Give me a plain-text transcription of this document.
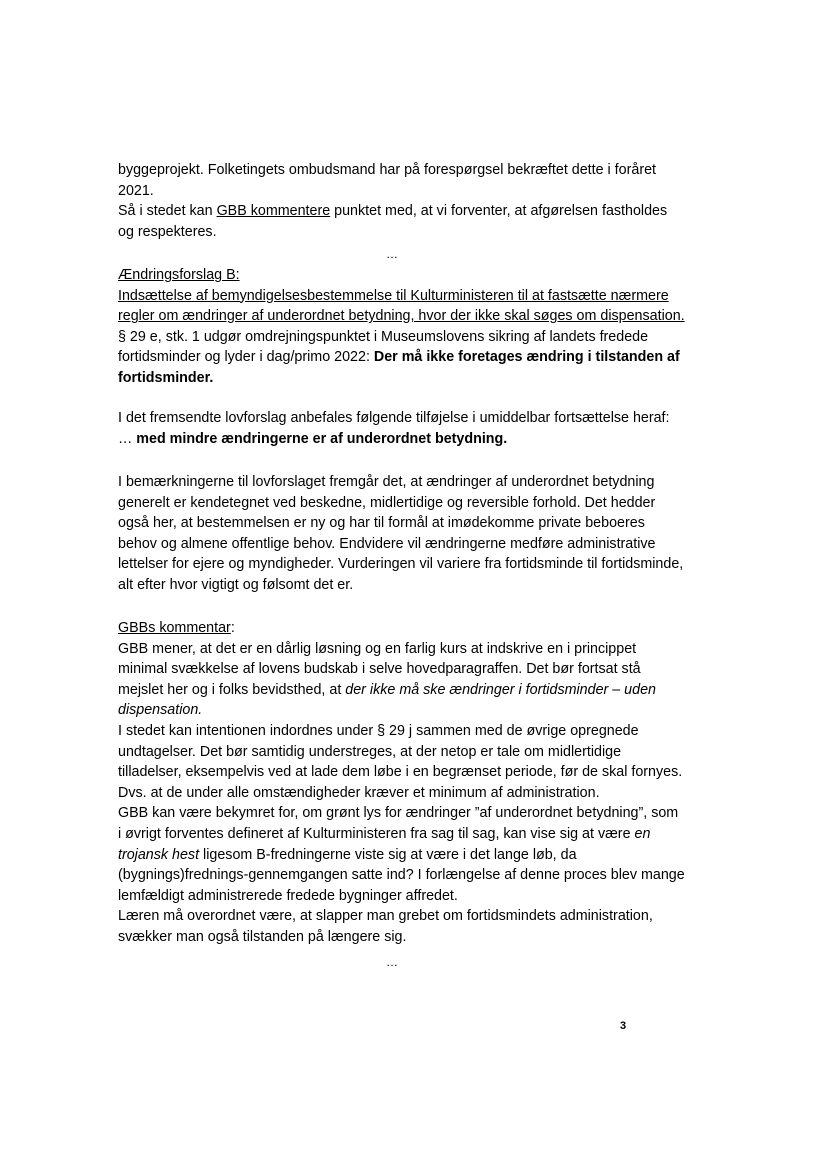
byggeprojekt. Folketingets ombudsmand har på forespørgsel bekræftet dette i foråret
2021.
Så i stedet kan GBB kommentere punktet med, at vi forventer, at afgørelsen fastholdes
og respekteres.
…
Ændringsforslag B:
Indsættelse af bemyndigelsesbestemmelse til Kulturministeren til at fastsætte nærmere
regler om ændringer af underordnet betydning, hvor der ikke skal søges om dispensation.
§ 29 e, stk. 1 udgør omdrejningspunktet i Museumslovens sikring af landets fredede
fortidsminder og lyder i dag/primo 2022: Der må ikke foretages ændring i tilstanden af
fortidsminder.
I det fremsendte lovforslag anbefales følgende tilføjelse i umiddelbar fortsættelse heraf:
… med mindre ændringerne er af underordnet betydning.
I bemærkningerne til lovforslaget fremgår det, at ændringer af underordnet betydning
generelt er kendetegnet ved beskedne, midlertidige og reversible forhold. Det hedder
også her, at bestemmelsen er ny og har til formål at imødekomme private beboeres
behov og almene offentlige behov. Endvidere vil ændringerne medføre administrative
lettelser for ejere og myndigheder. Vurderingen vil variere fra fortidsminde til fortidsminde,
alt efter hvor vigtigt og følsomt det er.
GBBs kommentar:
GBB mener, at det er en dårlig løsning og en farlig kurs at indskrive en i princippet
minimal svækkelse af lovens budskab i selve hovedparagraffen. Det bør fortsat stå
mejslet her og i folks bevidsthed, at der ikke må ske ændringer i fortidsminder – uden
dispensation.
I stedet kan intentionen indordnes under § 29 j sammen med de øvrige opregnede
undtagelser. Det bør samtidig understreges, at der netop er tale om midlertidige
tilladelser, eksempelvis ved at lade dem løbe i en begrænset periode, før de skal fornyes.
Dvs. at de under alle omstændigheder kræver et minimum af administration.
GBB kan være bekymret for, om grønt lys for ændringer ”af underordnet betydning”, som
i øvrigt forventes defineret af Kulturministeren fra sag til sag, kan vise sig at være en
trojansk hest ligesom B-fredningerne viste sig at være i det lange løb, da
(bygnings)frednings-gennemgangen satte ind? I forlængelse af denne proces blev mange
lemfældigt administrerede fredede bygninger affredet.
Læren må overordnet være, at slapper man grebet om fortidsmindets administration,
svækker man også tilstanden på længere sig.
…
3
